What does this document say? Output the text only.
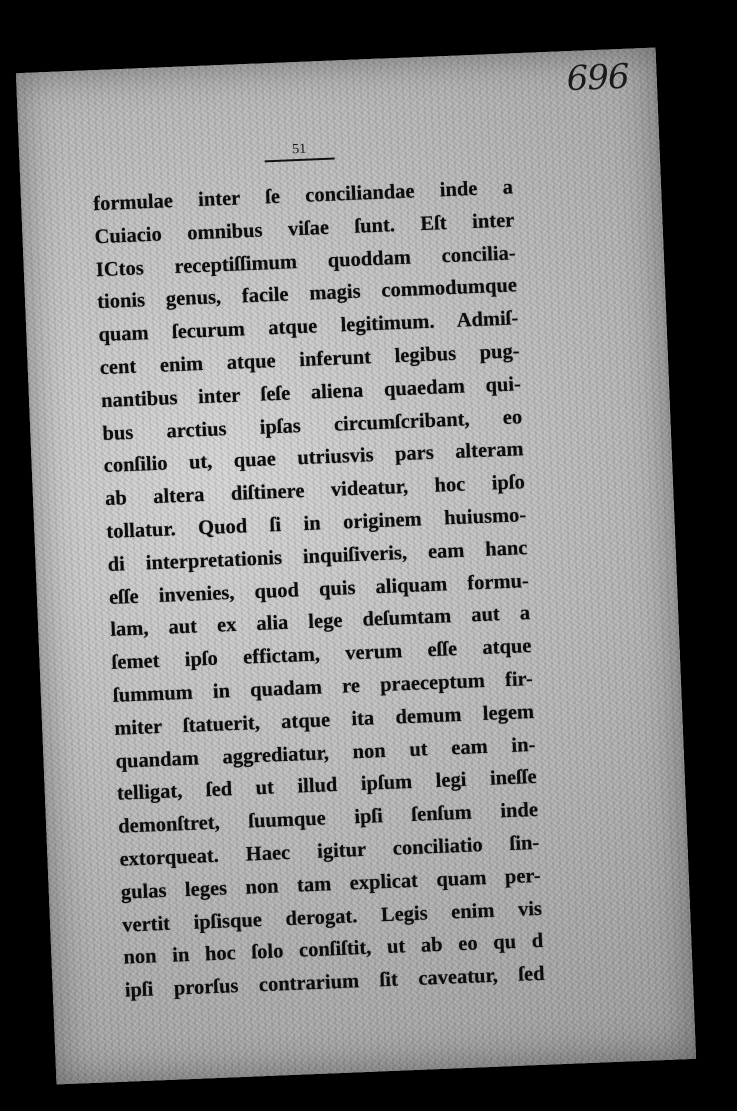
696
51
formulae inter ſe conciliandae inde a
Cuiacio omnibus viſae ſunt. Eſt inter
ICtos receptiſſimum quoddam concilia-
tionis genus, facile magis commodumque
quam ſecurum atque legitimum. Admiſ-
cent enim atque inferunt legibus pug-
nantibus inter ſeſe aliena quaedam qui-
bus arctius ipſas circumſcribant, eo
conſilio ut, quae utriusvis pars alteram
ab altera diſtinere videatur, hoc ipſo
tollatur. Quod ſi in originem huiusmo-
di interpretationis inquiſiveris, eam hanc
eſſe invenies, quod quis aliquam formu-
lam, aut ex alia lege deſumtam aut a
ſemet ipſo effictam, verum eſſe atque
ſummum in quadam re praeceptum fir-
miter ſtatuerit, atque ita demum legem
quandam aggrediatur, non ut eam in-
telligat, ſed ut illud ipſum legi ineſſe
demonſtret, ſuumque ipſi ſenſum inde
extorqueat. Haec igitur conciliatio ſin-
gulas leges non tam explicat quam per-
vertit ipſisque derogat. Legis enim vis
non in hoc ſolo conſiſtit, ut ab eo qu d
ipſi prorſus contrarium ſit caveatur, ſed
